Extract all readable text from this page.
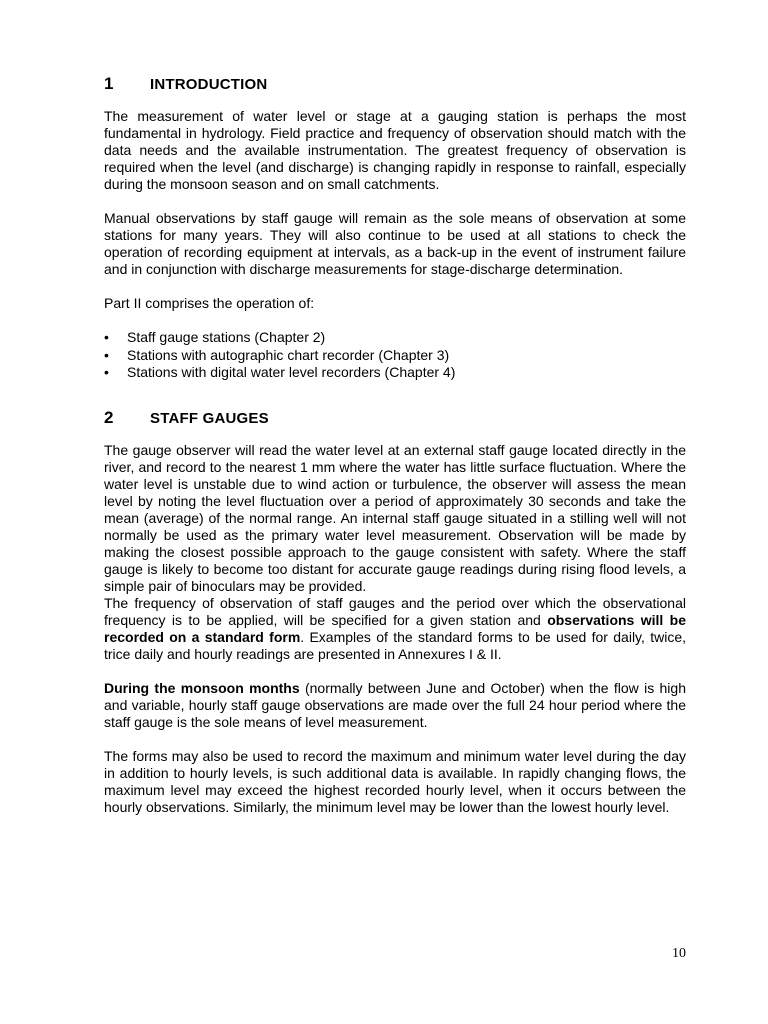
1	INTRODUCTION

The measurement of water level or stage at a gauging station is perhaps the most fundamental in hydrology. Field practice and frequency of observation should match with the data needs and the available instrumentation. The greatest frequency of observation is required when the level (and discharge) is changing rapidly in response to rainfall, especially during the monsoon season and on small catchments.

Manual observations by staff gauge will remain as the sole means of observation at some stations for many years. They will also continue to be used at all stations to check the operation of recording equipment at intervals, as a back-up in the event of instrument failure and in conjunction with discharge measurements for stage-discharge determination.

Part II comprises the operation of:

• Staff gauge stations (Chapter 2)
• Stations with autographic chart recorder (Chapter 3)
• Stations with digital water level recorders (Chapter 4)
2	STAFF GAUGES

The gauge observer will read the water level at an external staff gauge located directly in the river, and record to the nearest 1 mm where the water has little surface fluctuation. Where the water level is unstable due to wind action or turbulence, the observer will assess the mean level by noting the level fluctuation over a period of approximately 30 seconds and take the mean (average) of the normal range. An internal staff gauge situated in a stilling well will not normally be used as the primary water level measurement. Observation will be made by making the closest possible approach to the gauge consistent with safety. Where the staff gauge is likely to become too distant for accurate gauge readings during rising flood levels, a simple pair of binoculars may be provided.

The frequency of observation of staff gauges and the period over which the observational frequency is to be applied, will be specified for a given station and observations will be recorded on a standard form. Examples of the standard forms to be used for daily, twice, trice daily and hourly readings are presented in Annexures I & II.

During the monsoon months (normally between June and October) when the flow is high and variable, hourly staff gauge observations are made over the full 24 hour period where the staff gauge is the sole means of level measurement.

The forms may also be used to record the maximum and minimum water level during the day in addition to hourly levels, is such additional data is available. In rapidly changing flows, the maximum level may exceed the highest recorded hourly level, when it occurs between the hourly observations. Similarly, the minimum level may be lower than the lowest hourly level.

10
